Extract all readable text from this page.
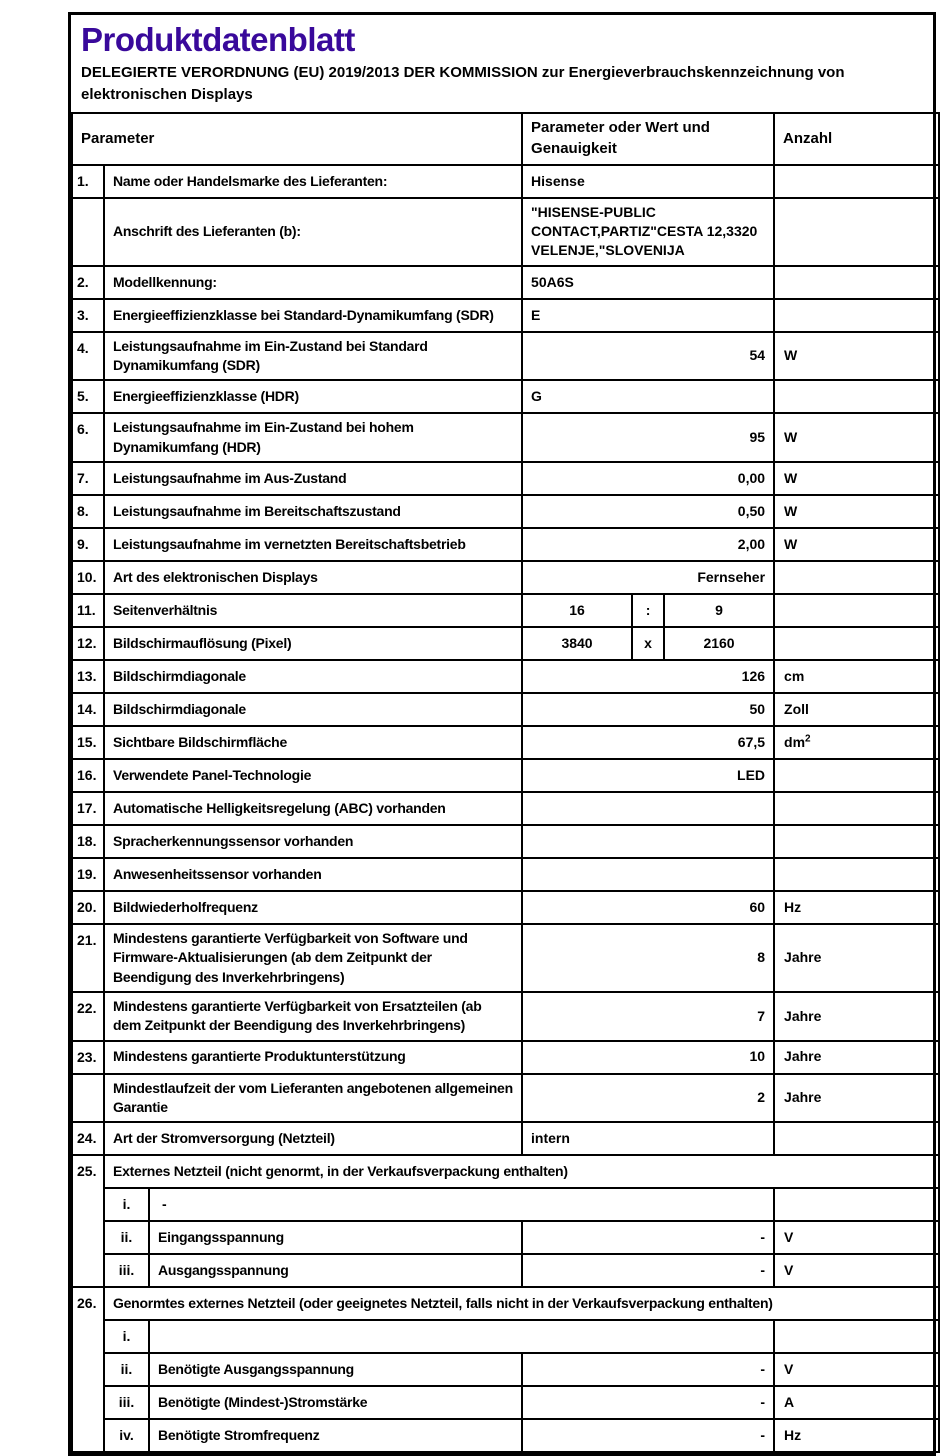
Produktdatenblatt

DELEGIERTE VERORDNUNG (EU) 2019/2013 DER KOMMISSION zur Energieverbrauchskennzeichnung von
elektronischen Displays

Parameter			Parameter oder Wert und Genauigkeit			Anzahl
1.	Name oder Handelsmarke des Lieferanten:		Hisense			
	Anschrift des Lieferanten (b):		"HISENSE-PUBLIC CONTACT,PARTIZ"CESTA 12,3320 VELENJE,"SLOVENIJA			
2.	Modellkennung:		50A6S			
3.	Energieeffizienzklasse bei Standard-Dynamikumfang (SDR)		E			
4.	Leistungsaufnahme im Ein-Zustand bei Standard Dynamikumfang (SDR)		54			W
5.	Energieeffizienzklasse (HDR)		G			
6.	Leistungsaufnahme im Ein-Zustand bei hohem Dynamikumfang (HDR)		95			W
7.	Leistungsaufnahme im Aus-Zustand		0,00			W
8.	Leistungsaufnahme im Bereitschaftszustand		0,50			W
9.	Leistungsaufnahme im vernetzten Bereitschaftsbetrieb		2,00			W
10.	Art des elektronischen Displays		Fernseher			
11.	Seitenverhältnis		16	:	9	
12.	Bildschirmauflösung (Pixel)		3840	x	2160	
13.	Bildschirmdiagonale		126			cm
14.	Bildschirmdiagonale		50			Zoll
15.	Sichtbare Bildschirmfläche		67,5			$dm^2$
16.	Verwendete Panel-Technologie		LED			
17.	Automatische Helligkeitsregelung (ABC) vorhanden					
18.	Spracherkennungssensor vorhanden					
19.	Anwesenheitssensor vorhanden					
20.	Bildwiederholfrequenz		60			Hz
21.	Mindestens garantierte Verfügbarkeit von Software und Firmware-Aktualisierungen (ab dem Zeitpunkt der Beendigung des Inverkehrbringens)		8			Jahre
22.	Mindestens garantierte Verfügbarkeit von Ersatzteilen (ab dem Zeitpunkt der Beendigung des Inverkehrbringens)		7			Jahre
23.	Mindestens garantierte Produktunterstützung		10			Jahre
	Mindestlaufzeit der vom Lieferanten angebotenen allgemeinen Garantie		2			Jahre
24.	Art der Stromversorgung (Netzteil)		intern			
25.	Externes Netzteil (nicht genormt, in der Verkaufsverpackung enthalten)					
	i.	-				
	ii.	Eingangsspannung	-			V
	iii.	Ausgangsspannung	-			V
26.	Genormtes externes Netzteil (oder geeignetes Netzteil, falls nicht in der Verkaufsverpackung enthalten)					
	i.					
	ii.	Benötigte Ausgangsspannung	-			V
	iii.	Benötigte (Mindest-)Stromstärke	-			A
	iv.	Benötigte Stromfrequenz	-			Hz
